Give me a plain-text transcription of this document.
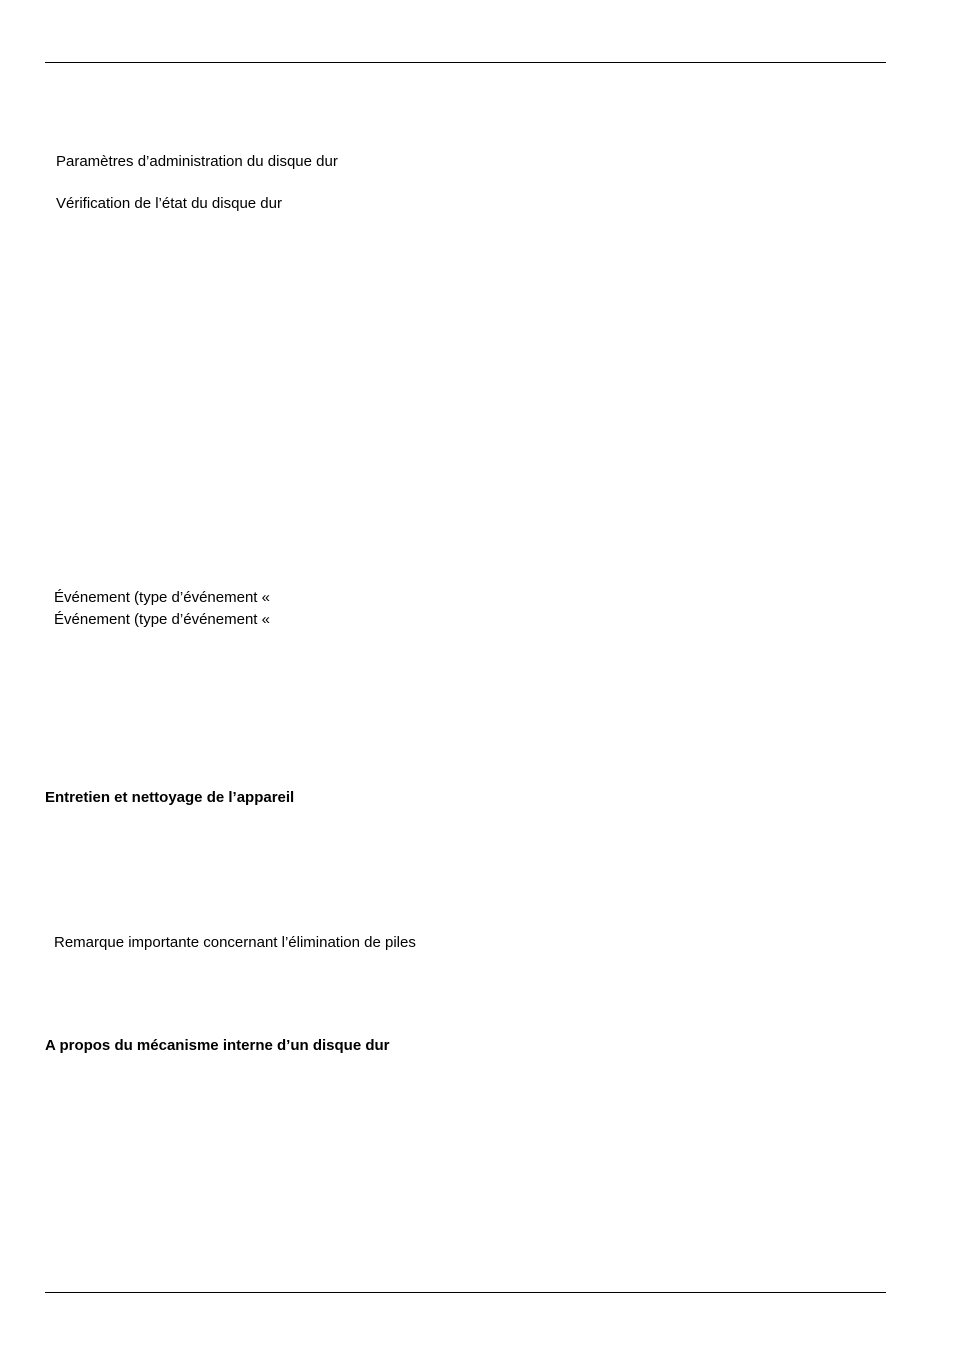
Paramètres d’administration du disque dur
Vérification de l’état du disque dur
Événement (type d’événement «
Événement (type d’événement «
Entretien et nettoyage de l’appareil
Remarque importante concernant l’élimination de piles
A propos du mécanisme interne d’un disque dur
